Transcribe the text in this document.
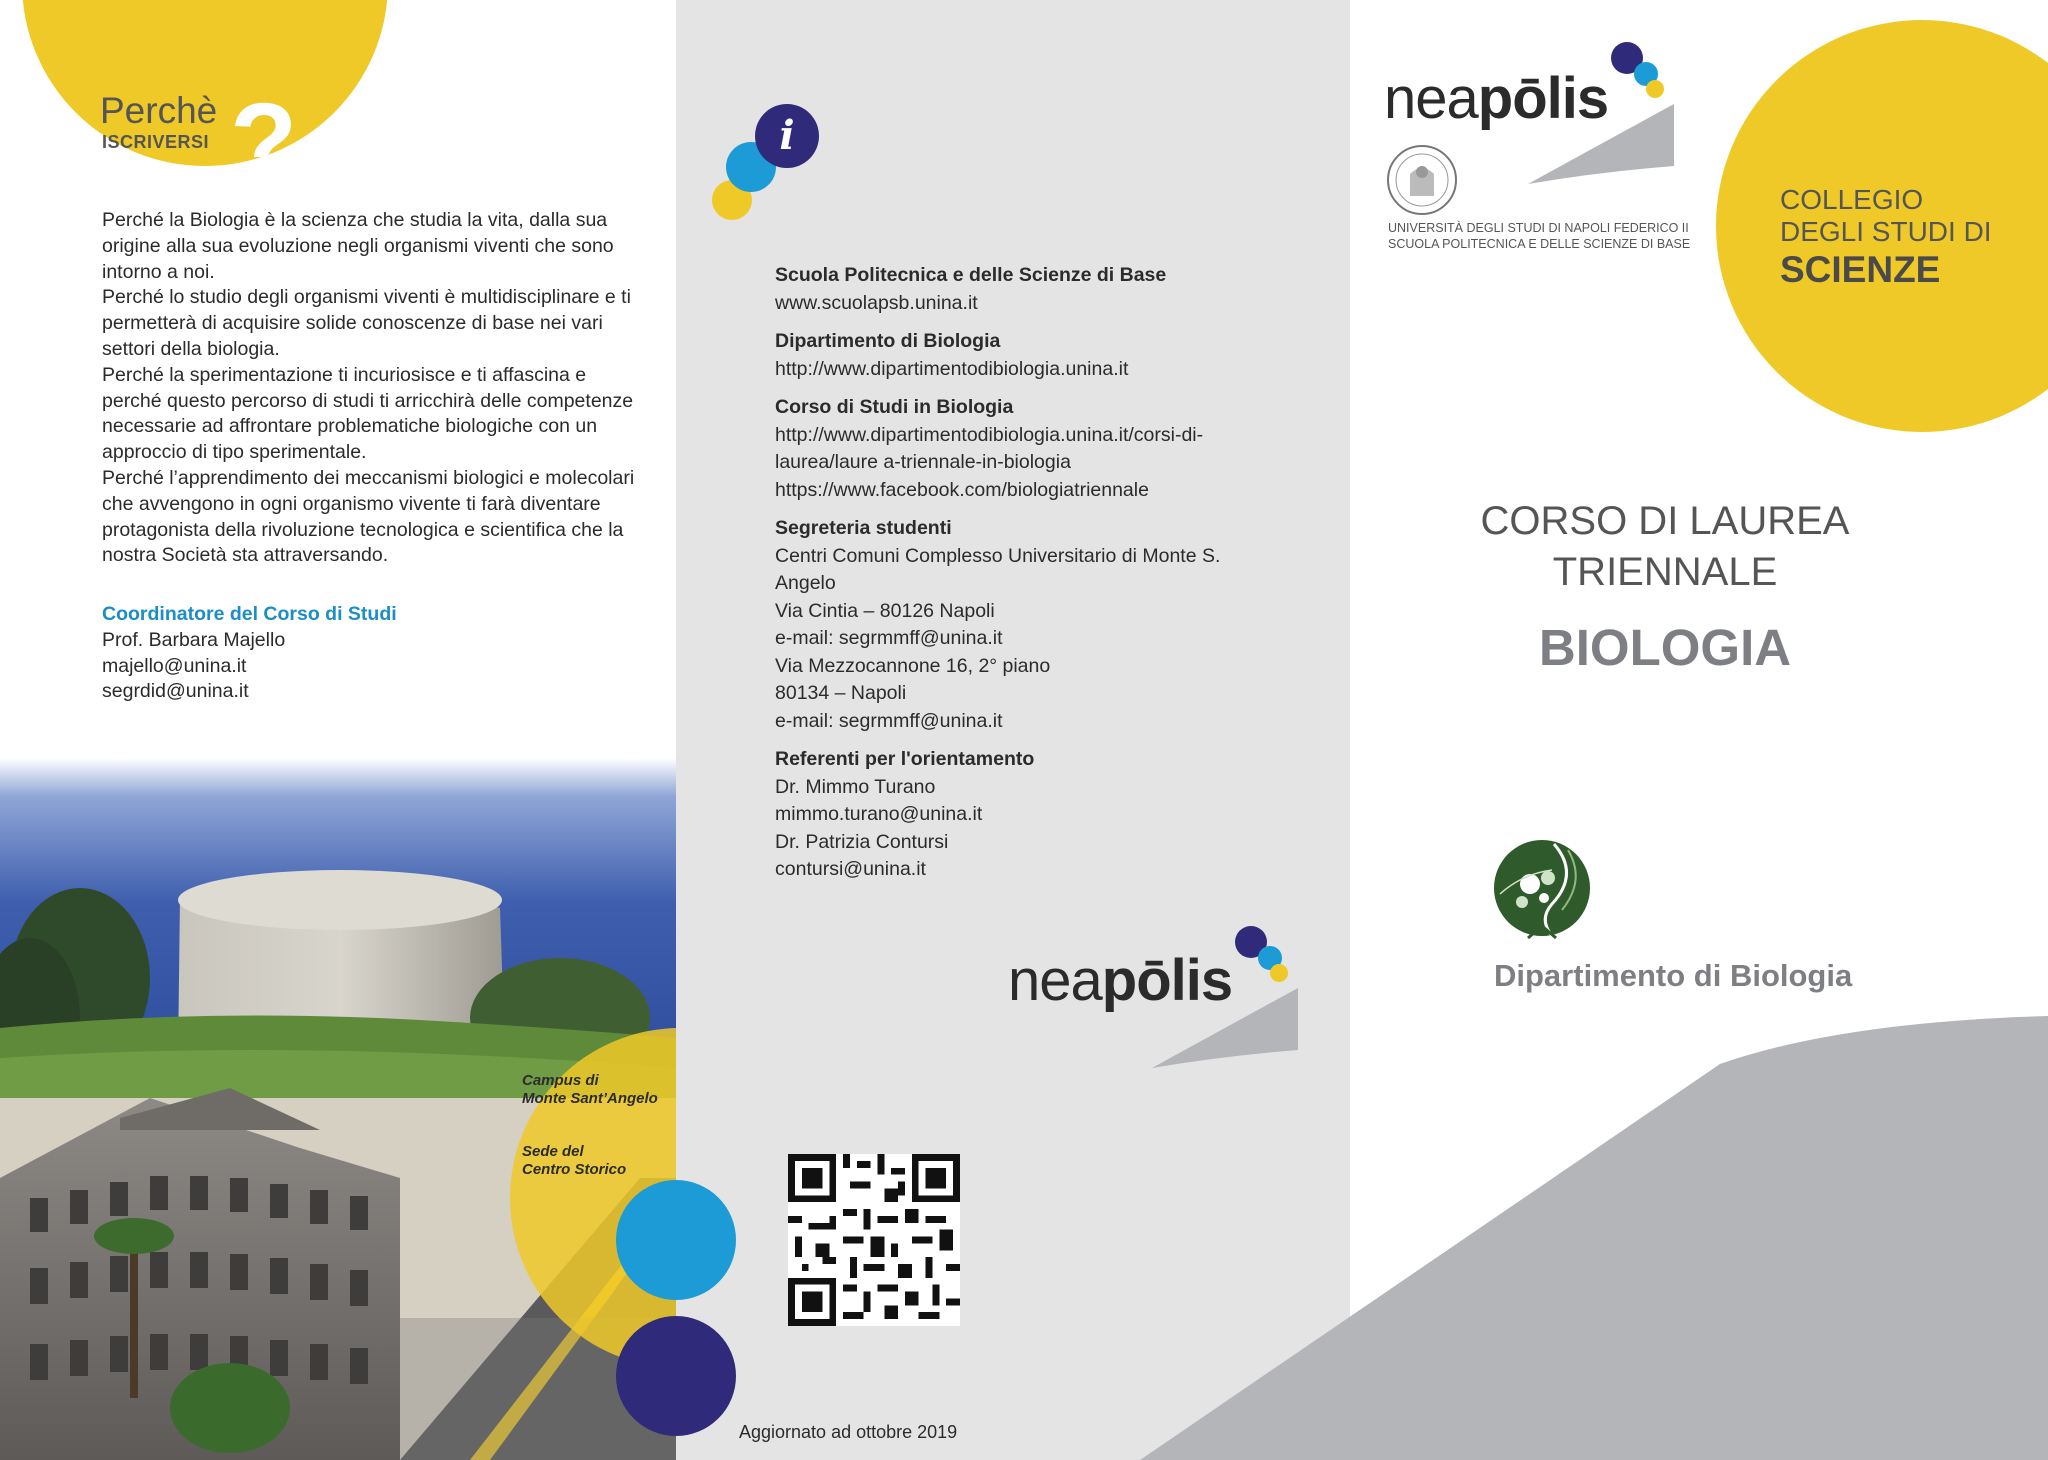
Perchè
ISCRIVERSI ?

Perché la Biologia è la scienza che studia la vita, dalla sua origine alla sua evoluzione negli organismi viventi che sono intorno a noi.

Perché lo studio degli organismi viventi è multidisciplinare e ti permetterà di acquisire solide conoscenze di base nei vari settori della biologia.

Perché la sperimentazione ti incuriosisce e ti affascina e perché questo percorso di studi ti arricchirà delle competenze necessarie ad affrontare problematiche biologiche con un approccio di tipo sperimentale.

Perché l’apprendimento dei meccanismi biologici e molecolari che avvengono in ogni organismo vivente ti farà diventare protagonista della rivoluzione tecnologica e scientifica che la nostra Società sta attraversando.

Coordinatore del Corso di Studi
Prof. Barbara Majello
majello@unina.it
segrdid@unina.it
Campus di
Monte Sant’Angelo
Sede del
Centro Storico
i
Scuola Politecnica e delle Scienze di Base
www.scuolapsb.unina.it
Dipartimento di Biologia
http://www.dipartimentodibiologia.unina.it
Corso di Studi in Biologia
http://www.dipartimentodibiologia.unina.it/corsi-di-
laurea/laure a-triennale-in-biologia
https://www.facebook.com/biologiatriennale
Segreteria studenti
Centri Comuni Complesso Universitario di Monte S.
Angelo
Via Cintia – 80126 Napoli
e-mail: segrmmff@unina.it
Via Mezzocannone 16, 2° piano
80134 – Napoli
e-mail: segrmmff@unina.it
Referenti per l'orientamento
Dr. Mimmo Turano
mimmo.turano@unina.it
Dr. Patrizia Contursi
contursi@unina.it
neapōlis
Aggiornato ad ottobre 2019
COLLEGIO
DEGLI STUDI DI
SCIENZE
neapōlis
UNIVERSITÀ DEGLI STUDI DI NAPOLI FEDERICO II
SCUOLA POLITECNICA E DELLE SCIENZE DI BASE
CORSO DI LAUREA
TRIENNALE
BIOLOGIA
Dipartimento di Biologia
